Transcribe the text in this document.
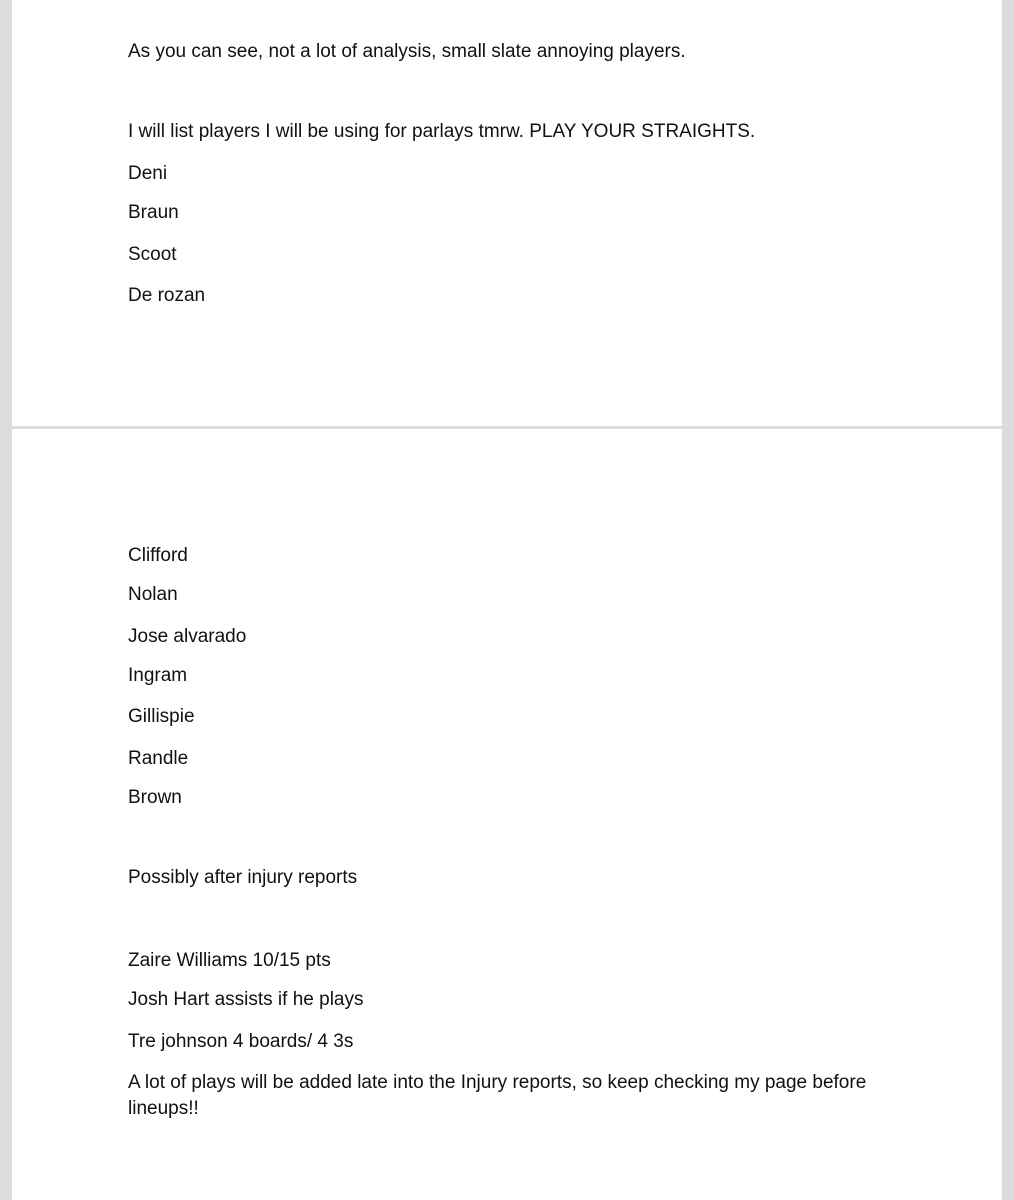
As you can see, not a lot of analysis, small slate annoying players.

I will list players I will be using for parlays tmrw. PLAY YOUR STRAIGHTS.

Deni

Braun

Scoot

De rozan

Clifford

Nolan

Jose alvarado

Ingram

Gillispie

Randle

Brown

Possibly after injury reports

Zaire Williams 10/15 pts

Josh Hart assists if he plays

Tre johnson 4 boards/ 4 3s

A lot of plays will be added late into the Injury reports, so keep checking my page before lineups!!
